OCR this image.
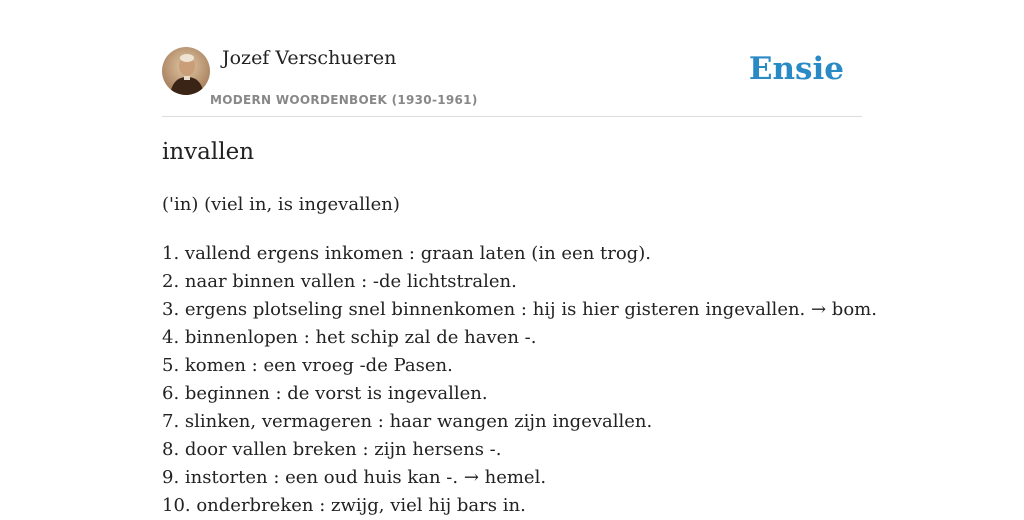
Jozef Verschueren
MODERN WOORDENBOEK (1930-1961)
Ensie
invallen
('in) (viel in, is ingevallen)
1. vallend ergens inkomen : graan laten (in een trog).
2. naar binnen vallen : -de lichtstralen.
3. ergens plotseling snel binnenkomen : hij is hier gisteren ingevallen. → bom.
4. binnenlopen : het schip zal de haven -.
5. komen : een vroeg -de Pasen.
6. beginnen : de vorst is ingevallen.
7. slinken, vermageren : haar wangen zijn ingevallen.
8. door vallen breken : zijn hersens -.
9. instorten : een oud huis kan -. → hemel.
10. onderbreken : zwijg, viel hij bars in.
